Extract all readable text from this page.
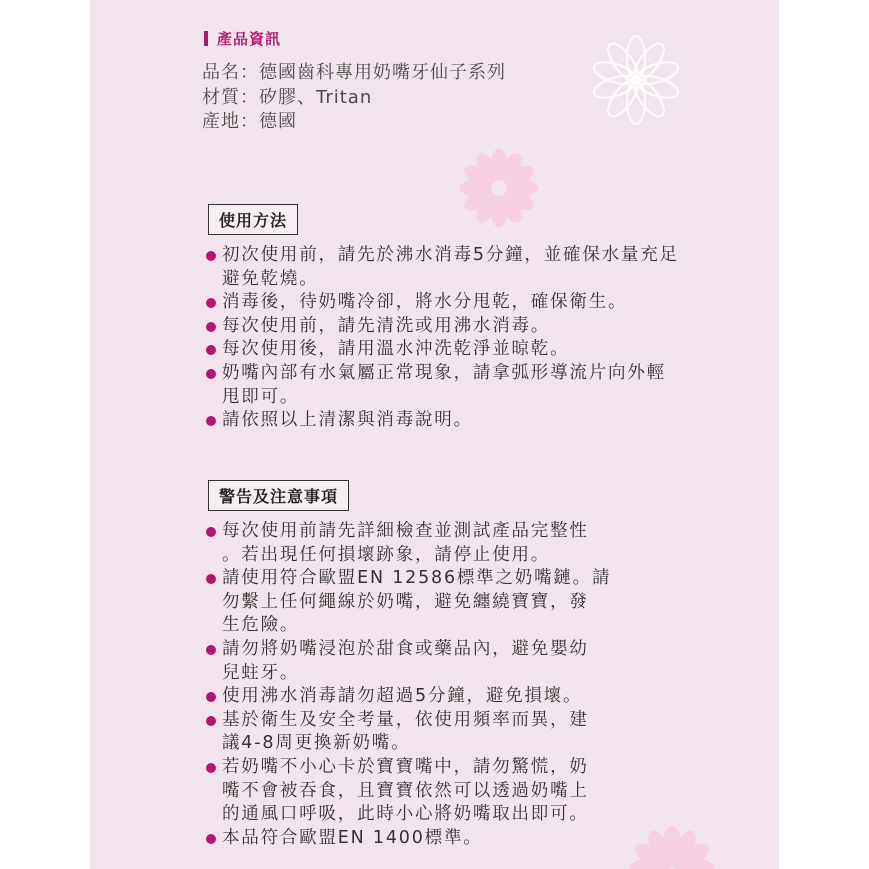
產品資訊
品名：德國齒科專用奶嘴牙仙子系列
材質：矽膠、Tritan
產地：德國
使用方法
初次使用前，請先於沸水消毒5分鐘，並確保水量充足
避免乾燒。
消毒後，待奶嘴冷卻，將水分甩乾，確保衛生。
每次使用前，請先清洗或用沸水消毒。
每次使用後，請用溫水沖洗乾淨並晾乾。
奶嘴內部有水氣屬正常現象，請拿弧形導流片向外輕
甩即可。
請依照以上清潔與消毒說明。
警告及注意事項
每次使用前請先詳細檢查並測試產品完整性
。若出現任何損壞跡象，請停止使用。
請使用符合歐盟EN 12586標準之奶嘴鏈。請
勿繫上任何繩線於奶嘴，避免纏繞寶寶，發
生危險。
請勿將奶嘴浸泡於甜食或藥品內，避免嬰幼
兒蛀牙。
使用沸水消毒請勿超過5分鐘，避免損壞。
基於衛生及安全考量，依使用頻率而異，建
議4-8周更換新奶嘴。
若奶嘴不小心卡於寶寶嘴中，請勿驚慌，奶
嘴不會被吞食，且寶寶依然可以透過奶嘴上
的通風口呼吸，此時小心將奶嘴取出即可。
本品符合歐盟EN 1400標準。
